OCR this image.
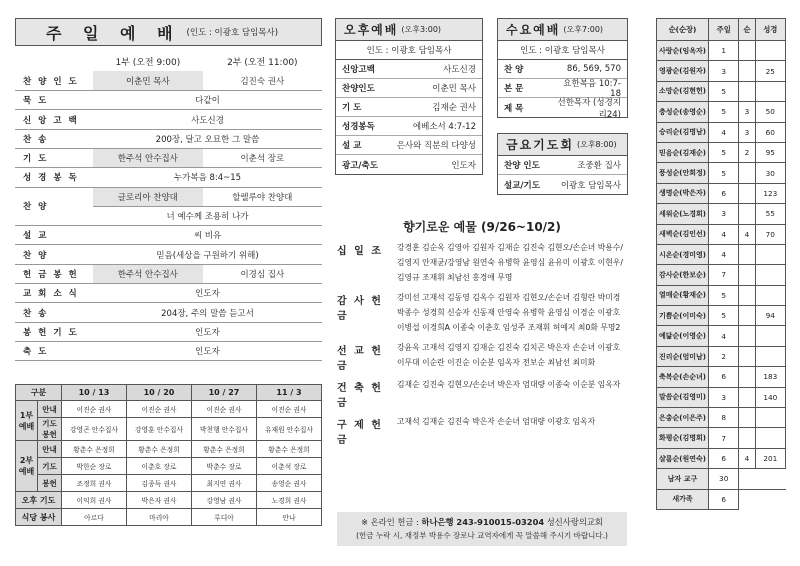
주 일 예 배 (인도 : 이광호 담임목사)
	1부 (오전 9:00)	2부 (오전 11:00)
찬 양 인 도	이춘민 목사	김진숙 권사
묵 도	다같이	
신 앙 고 백	사도신경	
찬 송	200장, 달고 오묘한 그 말씀	
기 도	한주석 안수집사	이춘석 장로
성 경 봉 독	누가복음 8:4~15	
찬 양	글로리아 찬양대	할렐루야 찬양대
	너 예수께 조용히 나가	
설 교	씨 비유	
찬 양	믿음(세상을 구원하기 위해)	
헌 금 봉 헌	한주석 안수집사	이경심 집사
교 회 소 식	인도자	
찬 송	204장, 주의 말씀 듣고서	
봉 헌 기 도	인도자	
축 도	인도자	
구분		10 / 13	10 / 20	10 / 27	11 / 3
1부 예배	안내	이진순 권사	이진순 권사	이진순 권사	이진순 권사
	기도 봉헌	강영곤 안수집사	강영훈 안수집사	박천행 안수집사	유재원 안수집사
2부 예배	안내	황춘수 은정희	황춘수 은정희	황춘수 은정희	황춘수 은정희
	기도	박한순 장로	이춘호 장로	박춘수 장로	이춘석 장로
	봉헌	조정희 권사	김종득 권사	최지연 권사	송영순 권사
오후 기도		이익희 권사	박은자 권사	강영남 권사	노경희 권사
식당 봉사		아르다	마리아	루디아	안나
오후예배 (오후3:00)
인도 : 이광호 담임목사
신앙고백	사도신경
찬양인도	이춘민 목사
기 도	김재순 권사
성경봉독	에베소서 4:7-12
설 교	은사와 직분의 다양성
광고/축도	인도자
수요예배 (오후7:00)
인도 : 이광호 담임목사
찬 양	86, 569, 570
본 문	요한복음 10:7-18
제 목
선한목자 (성경지리24)
금요기도회 (오후8:00)
찬양 인도	조중환 집사
설교/기도	이광호 담임목사
향기로운 예물 (9/26~10/2)
십 일 조	강경훈 김순옥 김영아 김원자 김재순 김진숙 김현오/손순녀 박용수/김영지 안재균/강영남 원연숙 유병학 윤영심 윤유미 이광호 이현우/김영규 조재휘 최남선 홍경애 무명
감 사 헌 금
강미선 고재석 김동영 김옥수 김원자 김현오/손순녀 김형란 박미경 박종수 성경희 신승자 신동재 안영숙 유병학 윤영심 이경순 이광호 이병섭 이경희A 이종숙 이춘호 임성주 조재휘 허예지 최0화 무명2
선 교 헌 금
강윤옥 고재석 김영지 김재순 김진숙 김치곤 박은자 손순녀 이광호 이무대 이순란 이진순 이순분 임옥자 전보순 최남선 최미화
건 축 헌 금
김재순 김진숙 김현오/손순녀 박은자 엄대량 이종숙 이순분 임옥자
구 제 헌 금
고재석 김재순 김진숙 박은자 손순녀 엄대량 이광호 임옥자
※ 온라인 헌금 : 하나은행 243-910015-03204 성신사랑의교회
(헌금 누락 시, 재정부 박용수 장로나 교역자에게 꼭 말씀해 주시기 바랍니다.)
순(순장)	주일	순	성경
사랑순(임옥자)	1		
영광순(김원자)	3		25
소망순(김현헌)	5		
충성순(송영순)	5	3	50
승리순(김명남)	4	3	60
믿음순(김재순)	5	2	95
풍성순(안희정)	5		30
생명순(박은자)	6		123
세워순(노경희)	3		55
새벽순(김인선)	4	4	70
시온순(경미영)	4		
감사순(한보순)	7		
열매순(황재순)	5		
기쁨순(이미숙)	5		94
예닮순(이영순)	4		
진리순(엄미남)	2		
축복순(손순녀)	6		183
말씀순(김영미)	3		140
은총순(이은주)	8		
화평순(김명희)	7		
샬롬순(원연숙)	6	4	201
남자 교구	30		
새가족	6		
